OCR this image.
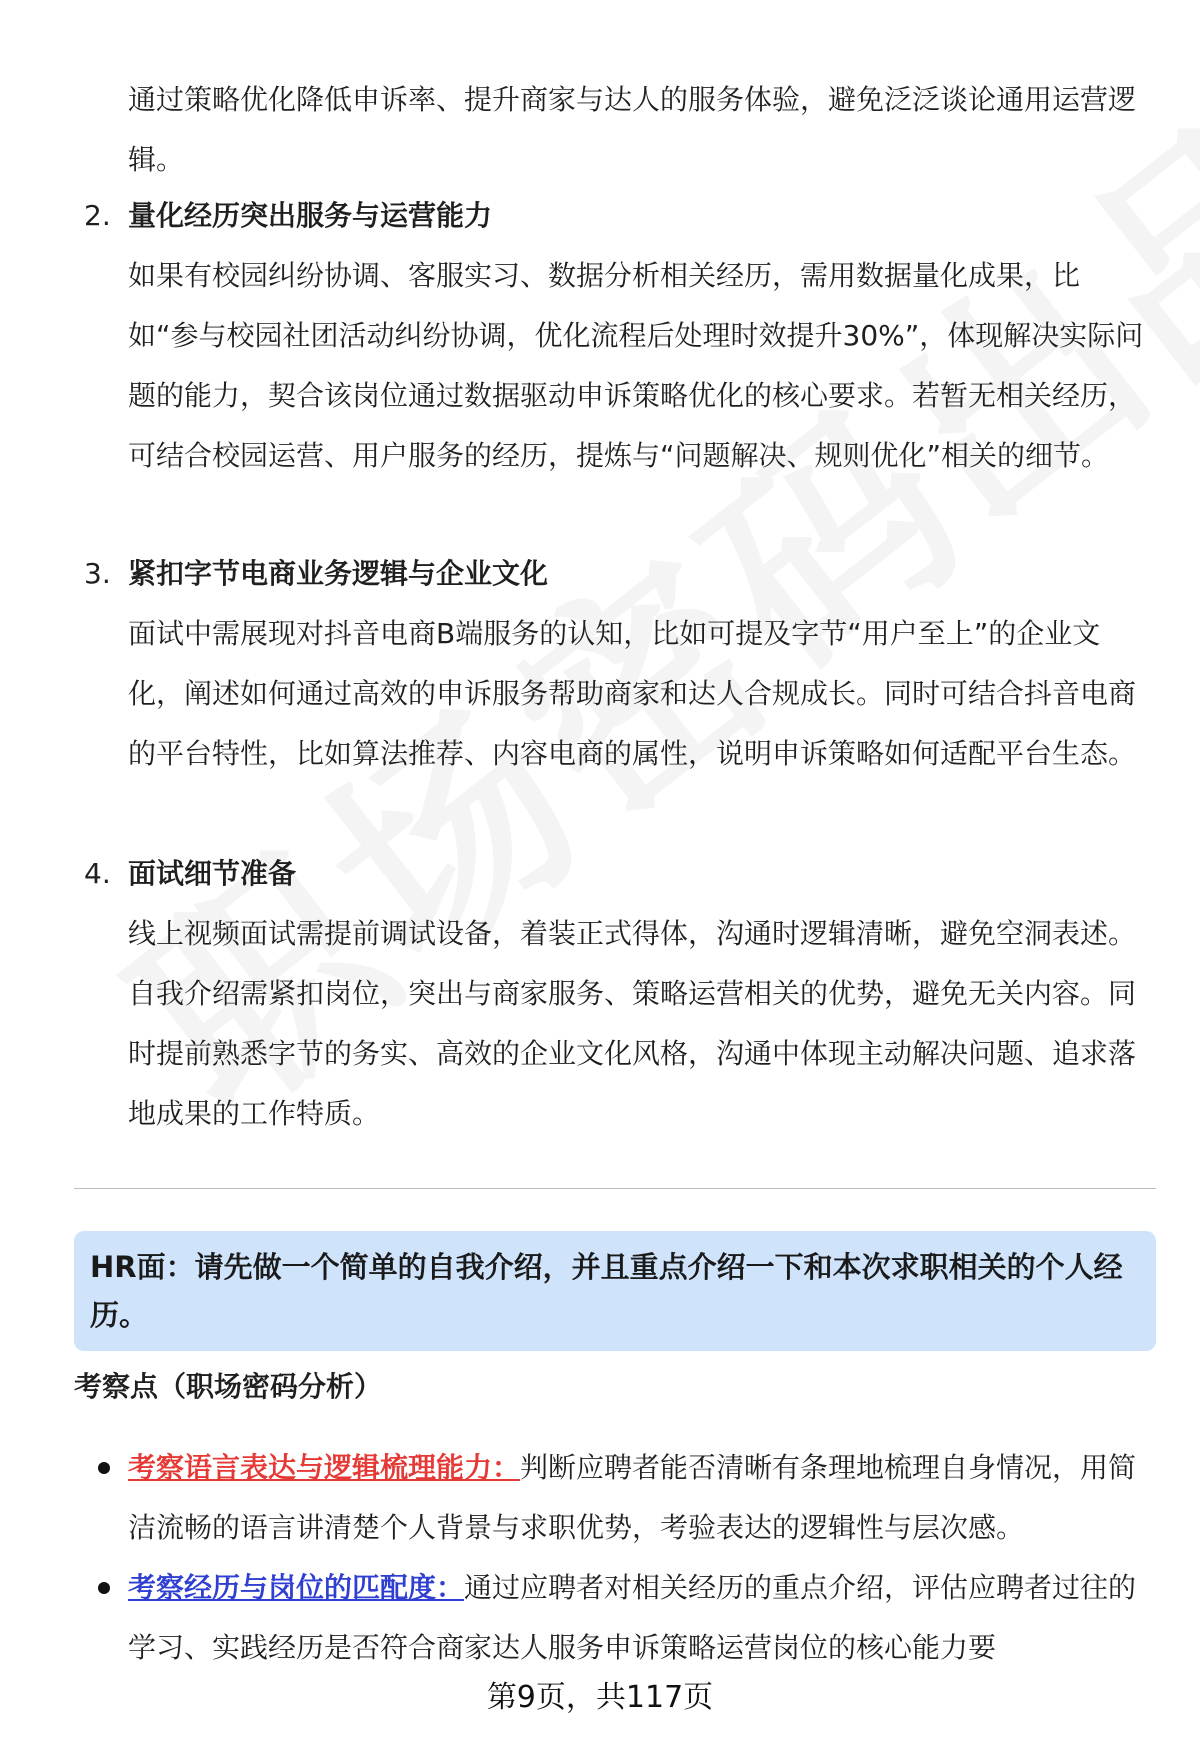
通过策略优化降低申诉率、提升商家与达人的服务体验，避免泛泛谈论通用运营逻辑。

2. 量化经历突出服务与运营能力

如果有校园纠纷协调、客服实习、数据分析相关经历，需用数据量化成果，比如“参与校园社团活动纠纷协调，优化流程后处理时效提升30%”，体现解决实际问题的能力，契合该岗位通过数据驱动申诉策略优化的核心要求。若暂无相关经历，可结合校园运营、用户服务的经历，提炼与“问题解决、规则优化”相关的细节。

3. 紧扣字节电商业务逻辑与企业文化

面试中需展现对抖音电商B端服务的认知，比如可提及字节“用户至上”的企业文化，阐述如何通过高效的申诉服务帮助商家和达人合规成长。同时可结合抖音电商的平台特性，比如算法推荐、内容电商的属性，说明申诉策略如何适配平台生态。

4. 面试细节准备

线上视频面试需提前调试设备，着装正式得体，沟通时逻辑清晰，避免空洞表述。自我介绍需紧扣岗位，突出与商家服务、策略运营相关的优势，避免无关内容。同时提前熟悉字节的务实、高效的企业文化风格，沟通中体现主动解决问题、追求落地成果的工作特质。

HR面：请先做一个简单的自我介绍，并且重点介绍一下和本次求职相关的个人经历。

考察点（职场密码分析）

考察语言表达与逻辑梳理能力：判断应聘者能否清晰有条理地梳理自身情况，用简洁流畅的语言讲清楚个人背景与求职优势，考验表达的逻辑性与层次感。

考察经历与岗位的匹配度：通过应聘者对相关经历的重点介绍，评估应聘者过往的学习、实践经历是否符合商家达人服务申诉策略运营岗位的核心能力要

第9页，共117页
